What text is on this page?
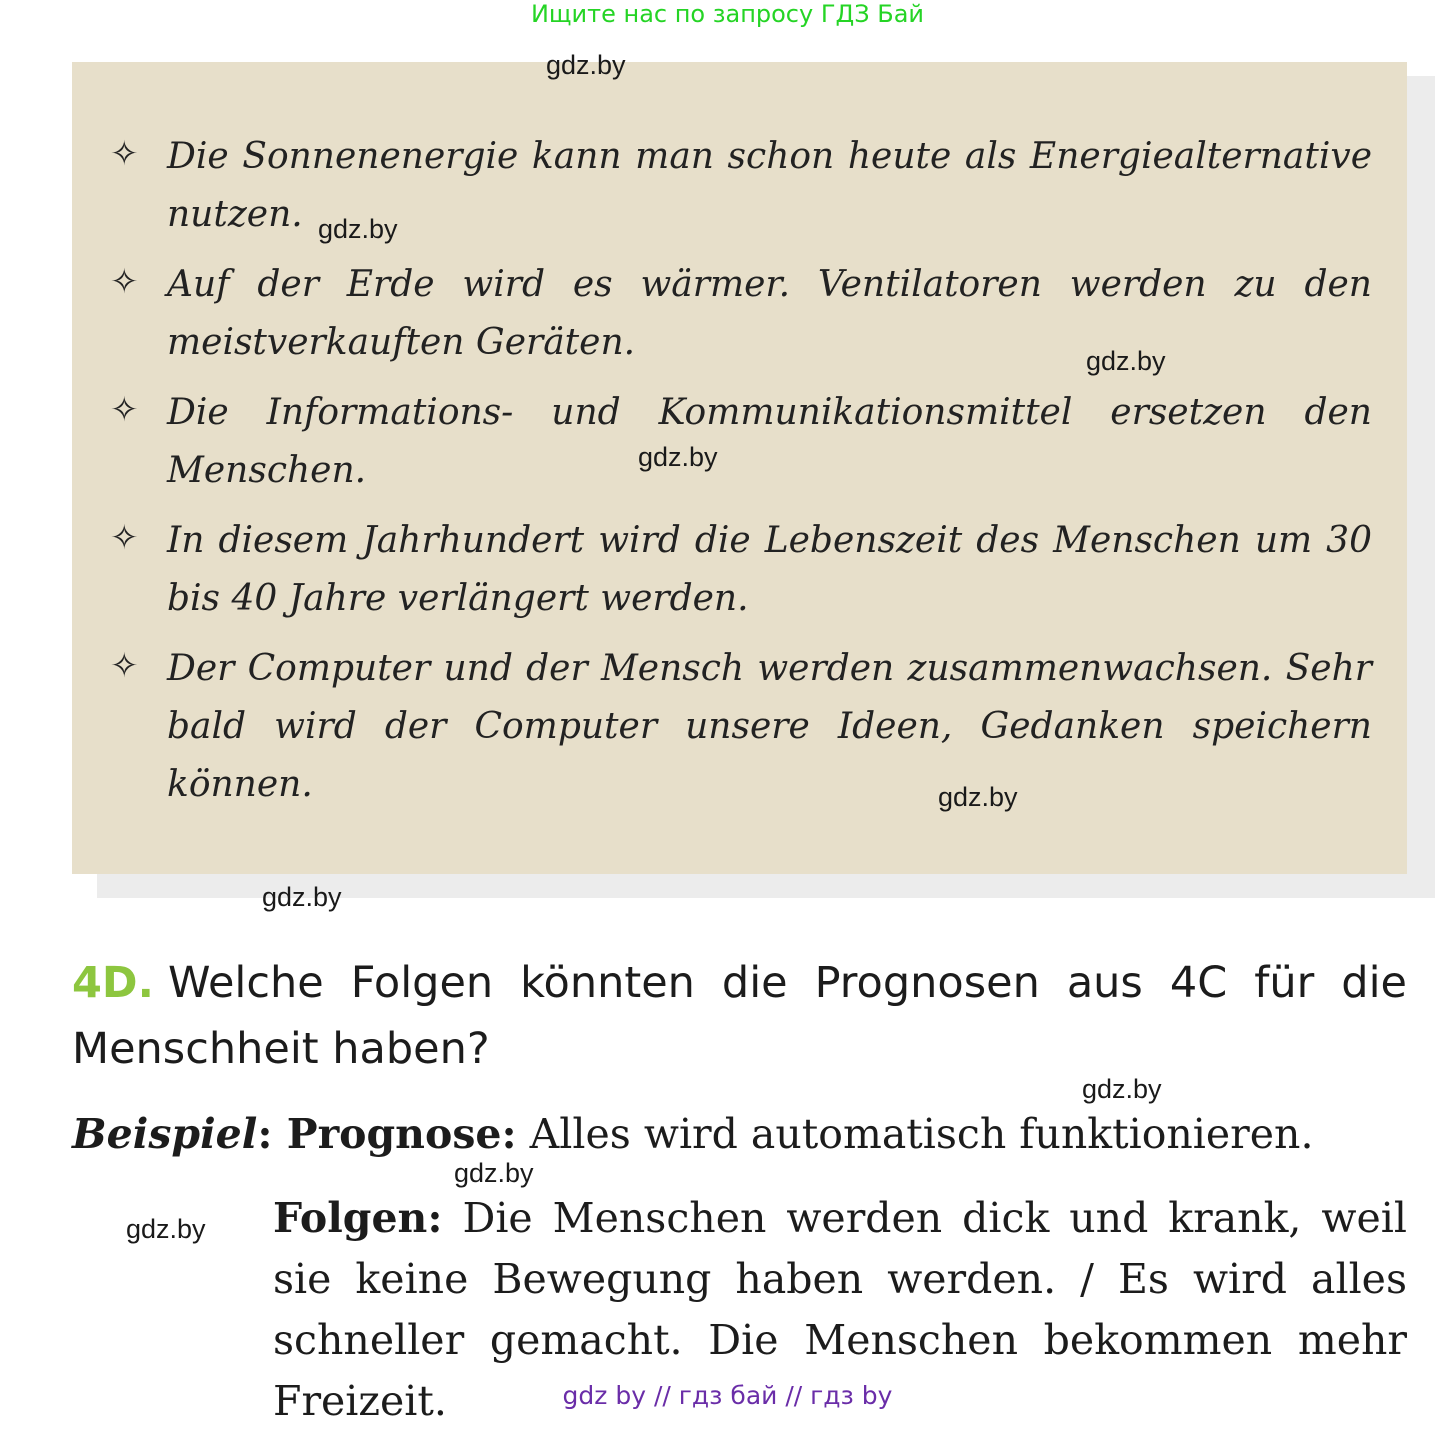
Ищите нас по запросу ГДЗ Бай
✧ Die Sonnenenergie kann man schon heute als Energiealternative nutzen.
✧ Auf der Erde wird es wärmer. Ventilatoren werden zu den meistverkauften Geräten.
✧ Die Informations- und Kommunikationsmittel ersetzen den Menschen.
✧ In diesem Jahrhundert wird die Lebenszeit des Menschen um 30 bis 40 Jahre verlängert werden.
✧ Der Computer und der Mensch werden zusammenwachsen. Sehr bald wird der Computer unsere Ideen, Gedanken speichern können.
4D. Welche Folgen könnten die Prognosen aus 4C für die Menschheit haben?
Beispiel: Prognose: Alles wird automatisch funktionieren.
Folgen: Die Menschen werden dick und krank, weil sie keine Bewegung haben werden. / Es wird alles schneller gemacht. Die Menschen bekommen mehr Freizeit.
gdz.by
gdz.by
gdz.by
gdz.by
gdz.by
gdz.by
gdz.by
gdz.by
gdz.by
gdz by // гдз бай // гдз by
